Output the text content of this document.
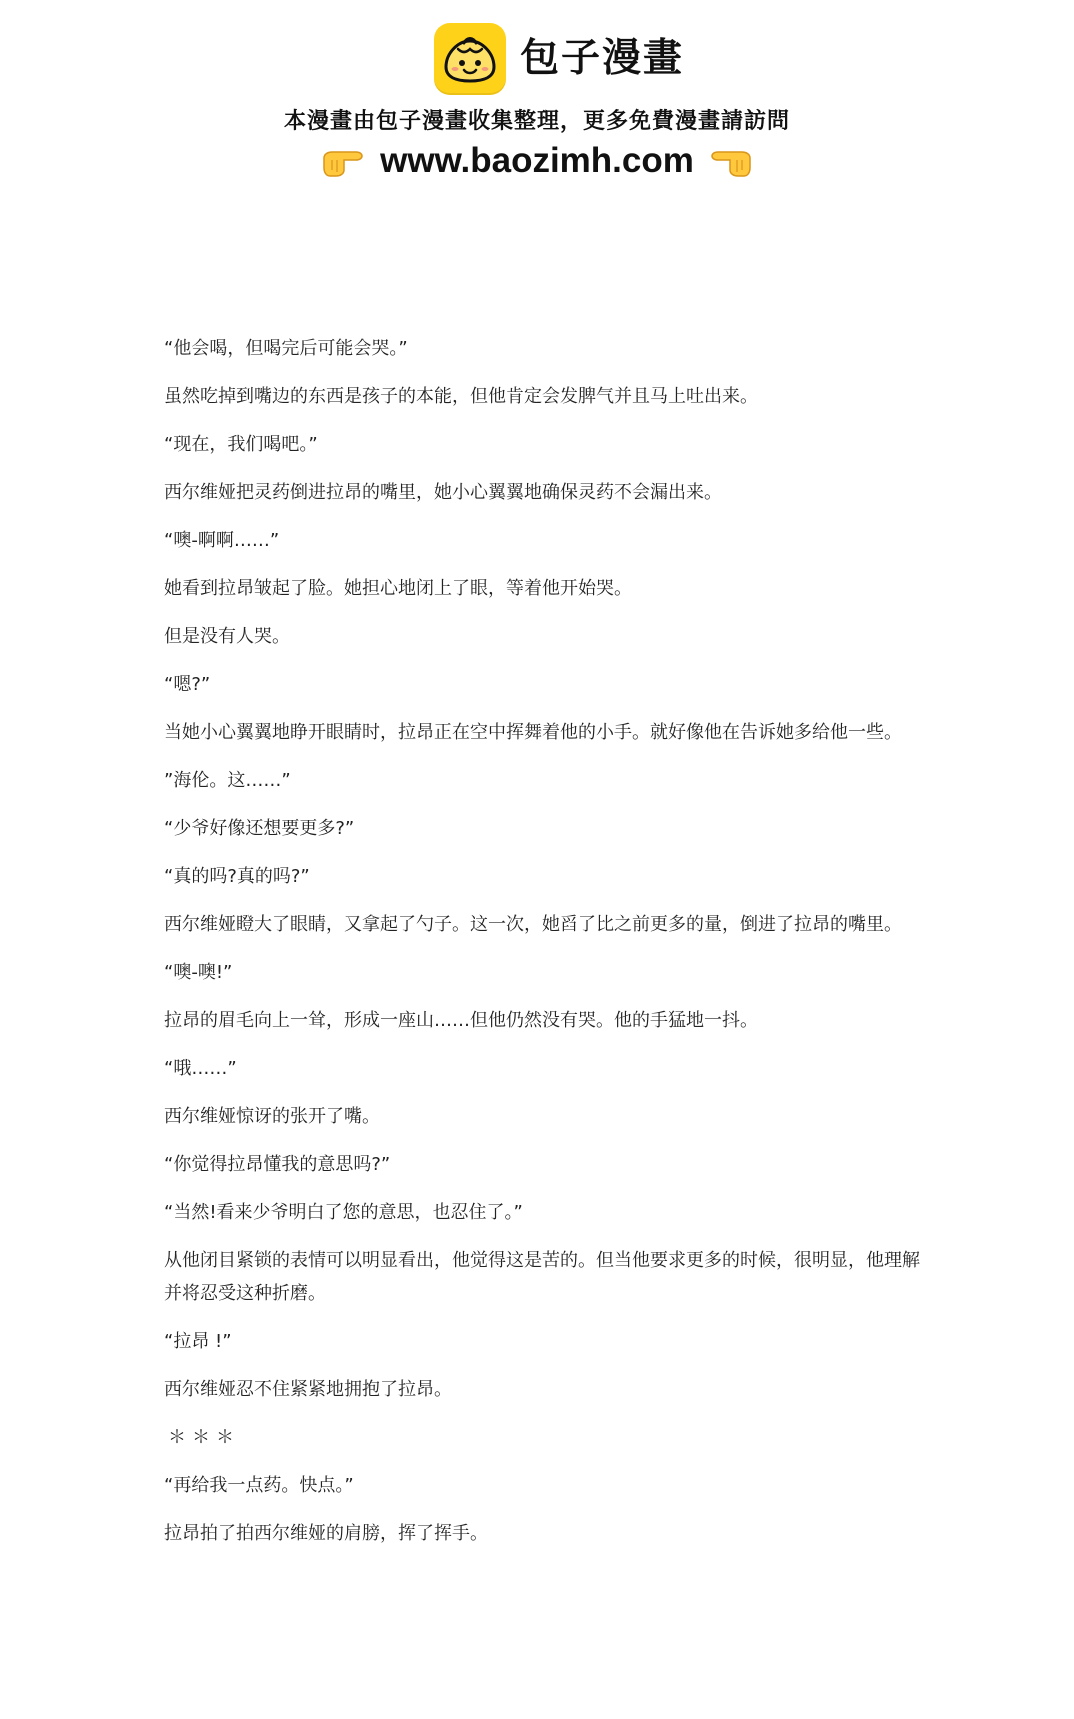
包子漫畫
本漫畫由包子漫畫收集整理，更多免費漫畫請訪問
www.baozimh.com

“他会喝，但喝完后可能会哭。”

虽然吃掉到嘴边的东西是孩子的本能，但他肯定会发脾气并且马上吐出来。

“现在，我们喝吧。”

西尔维娅把灵药倒进拉昂的嘴里，她小心翼翼地确保灵药不会漏出来。

“噢-啊啊……”

她看到拉昂皱起了脸。她担心地闭上了眼，等着他开始哭。

但是没有人哭。

“嗯?”

当她小心翼翼地睁开眼睛时，拉昂正在空中挥舞着他的小手。就好像他在告诉她多给他一些。

”海伦。这……”

“少爷好像还想要更多?”

“真的吗?真的吗?”

西尔维娅瞪大了眼睛，又拿起了勺子。这一次，她舀了比之前更多的量，倒进了拉昂的嘴里。

“噢-噢!”

拉昂的眉毛向上一耸，形成一座山……但他仍然没有哭。他的手猛地一抖。

“哦……”

西尔维娅惊讶的张开了嘴。

“你觉得拉昂懂我的意思吗?”

“当然!看来少爷明白了您的意思，也忍住了。”

从他闭目紧锁的表情可以明显看出，他觉得这是苦的。但当他要求更多的时候，很明显，他理解并将忍受这种折磨。

“拉昂 !”

西尔维娅忍不住紧紧地拥抱了拉昂。

＊＊＊

“再给我一点药。快点。”

拉昂拍了拍西尔维娅的肩膀，挥了挥手。
